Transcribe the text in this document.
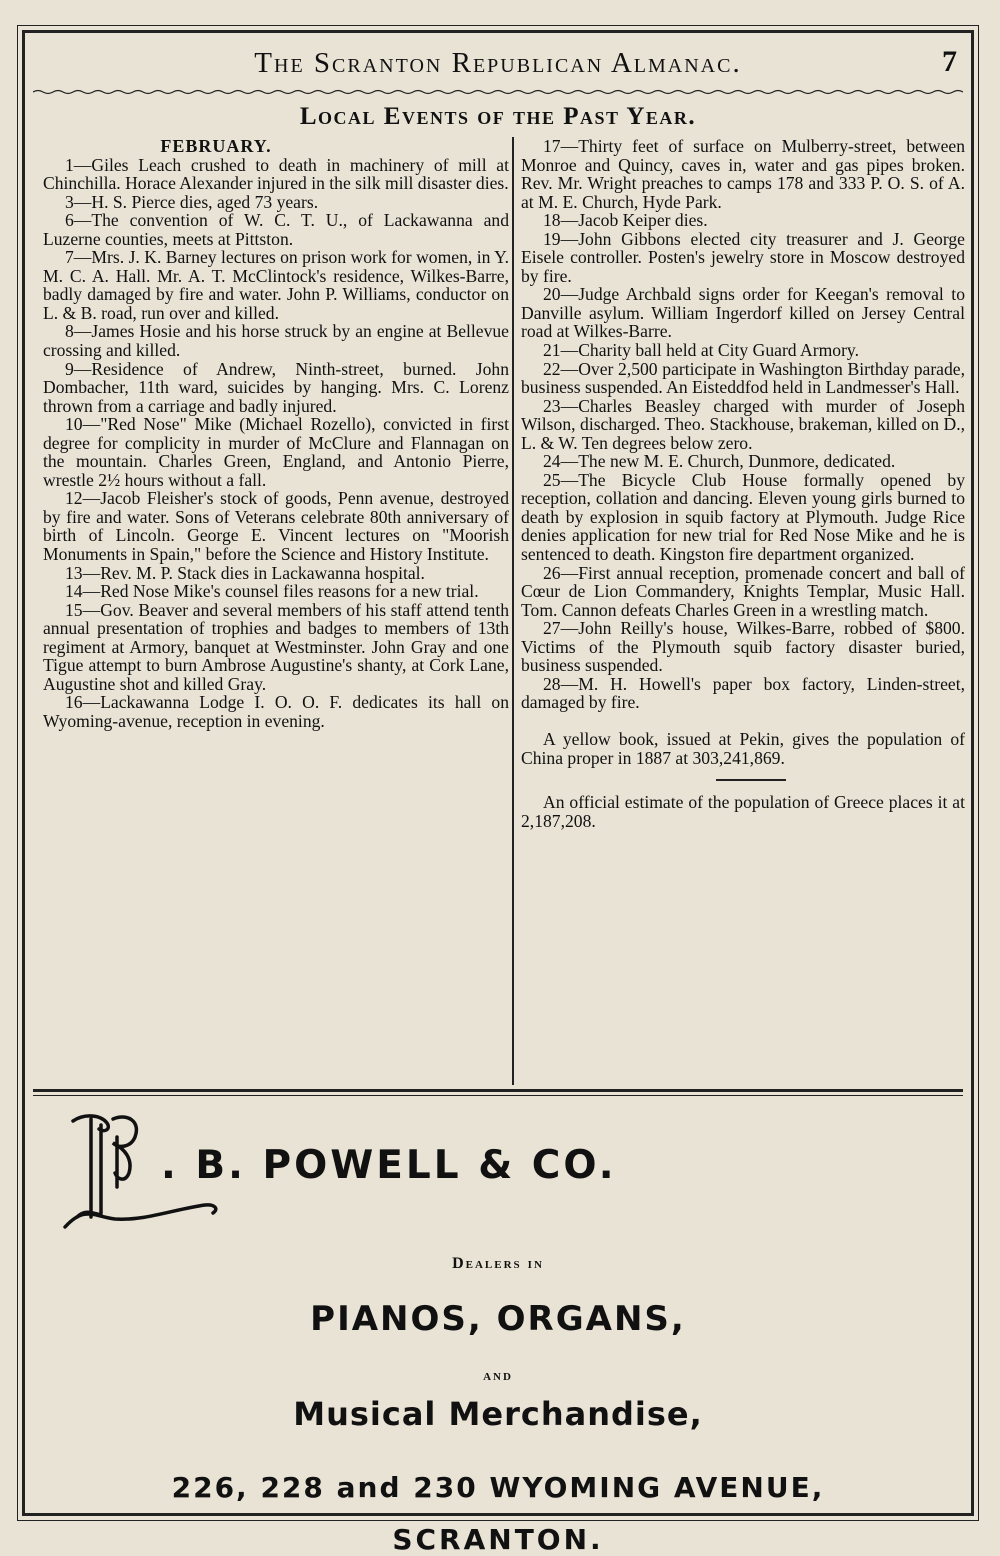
The Scranton Republican Almanac.	7
Local Events of the Past Year.
FEBRUARY.

1—Giles Leach crushed to death in machinery of mill at Chinchilla. Horace Alexander injured in the silk mill disaster dies.

3—H. S. Pierce dies, aged 73 years.

6—The convention of W. C. T. U., of Lackawanna and Luzerne counties, meets at Pittston.

7—Mrs. J. K. Barney lectures on prison work for women, in Y. M. C. A. Hall. Mr. A. T. McClintock's residence, Wilkes-Barre, badly damaged by fire and water. John P. Williams, conductor on L. & B. road, run over and killed.

8—James Hosie and his horse struck by an engine at Bellevue crossing and killed.

9—Residence of Andrew, Ninth-street, burned. John Dombacher, 11th ward, suicides by hanging. Mrs. C. Lorenz thrown from a carriage and badly injured.

10—"Red Nose" Mike (Michael Rozello), convicted in first degree for complicity in murder of McClure and Flannagan on the mountain. Charles Green, England, and Antonio Pierre, wrestle 2½ hours without a fall.

12—Jacob Fleisher's stock of goods, Penn avenue, destroyed by fire and water. Sons of Veterans celebrate 80th anniversary of birth of Lincoln. George E. Vincent lectures on "Moorish Monuments in Spain," before the Science and History Institute.

13—Rev. M. P. Stack dies in Lackawanna hospital.

14—Red Nose Mike's counsel files reasons for a new trial.

15—Gov. Beaver and several members of his staff attend tenth annual presentation of trophies and badges to members of 13th regiment at Armory, banquet at Westminster. John Gray and one Tigue attempt to burn Ambrose Augustine's shanty, at Cork Lane, Augustine shot and killed Gray.

16—Lackawanna Lodge I. O. O. F. dedicates its hall on Wyoming-avenue, reception in evening.

17—Thirty feet of surface on Mulberry-street, between Monroe and Quincy, caves in, water and gas pipes broken. Rev. Mr. Wright preaches to camps 178 and 333 P. O. S. of A. at M. E. Church, Hyde Park.

18—Jacob Keiper dies.

19—John Gibbons elected city treasurer and J. George Eisele controller. Posten's jewelry store in Moscow destroyed by fire.

20—Judge Archbald signs order for Keegan's removal to Danville asylum. William Ingerdorf killed on Jersey Central road at Wilkes-Barre.

21—Charity ball held at City Guard Armory.

22—Over 2,500 participate in Washington Birthday parade, business suspended. An Eisteddfod held in Landmesser's Hall.

23—Charles Beasley charged with murder of Joseph Wilson, discharged. Theo. Stackhouse, brakeman, killed on D., L. & W. Ten degrees below zero.

24—The new M. E. Church, Dunmore, dedicated.

25—The Bicycle Club House formally opened by reception, collation and dancing. Eleven young girls burned to death by explosion in squib factory at Plymouth. Judge Rice denies application for new trial for Red Nose Mike and he is sentenced to death. Kingston fire department organized.

26—First annual reception, promenade concert and ball of Cœur de Lion Commandery, Knights Templar, Music Hall. Tom. Cannon defeats Charles Green in a wrestling match.

27—John Reilly's house, Wilkes-Barre, robbed of $800. Victims of the Plymouth squib factory disaster buried, business suspended.

28—M. H. Howell's paper box factory, Linden-street, damaged by fire.

A yellow book, issued at Pekin, gives the population of China proper in 1887 at 303,241,869.

An official estimate of the population of Greece places it at 2,187,208.

. B. POWELL & CO.
Dealers in
PIANOS, ORGANS,
and
Musical Merchandise,
226, 228 and 230 WYOMING AVENUE,
SCRANTON.
